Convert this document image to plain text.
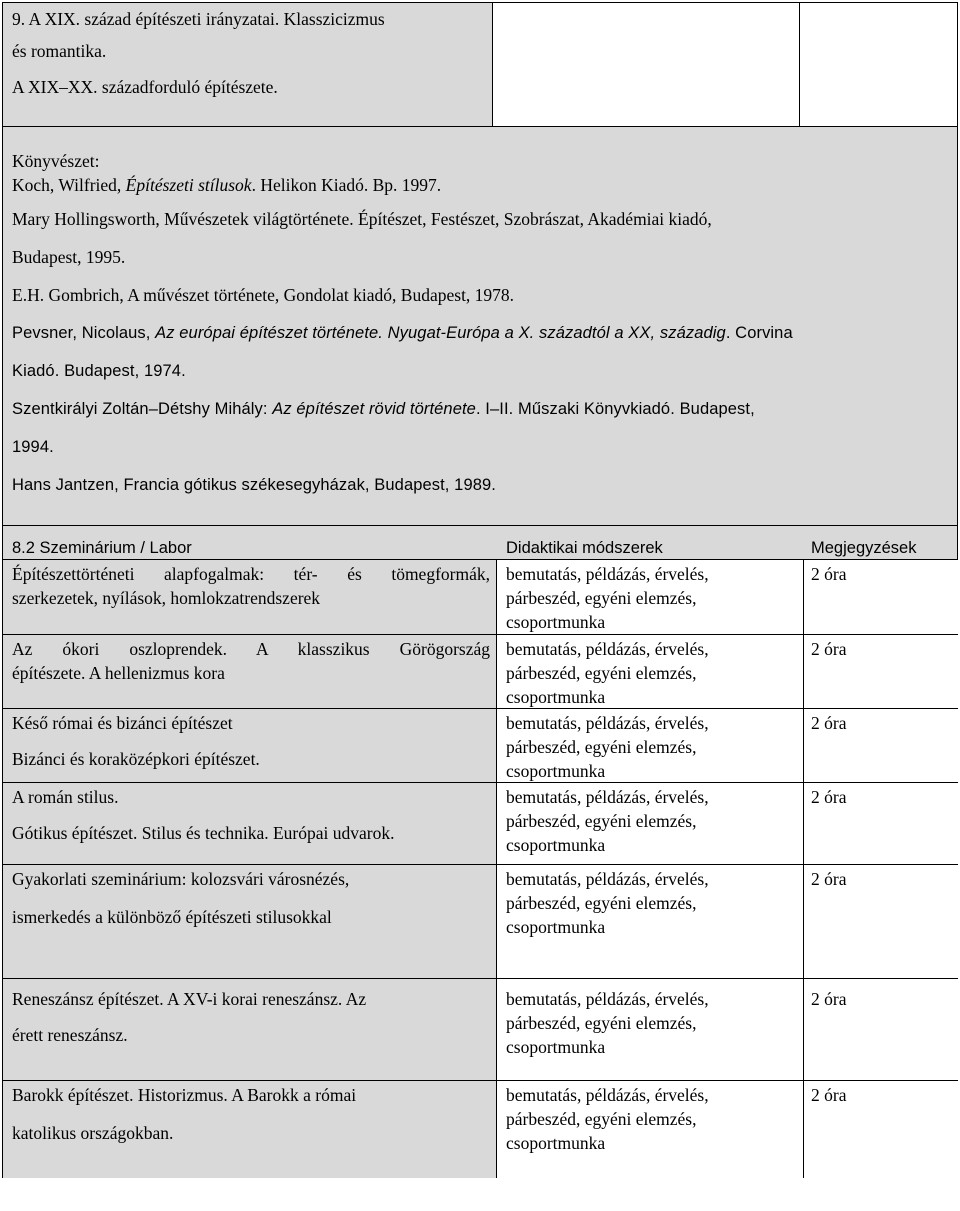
9. A XIX. század építészeti irányzatai. Klasszicizmus
és romantika.
A XIX–XX. századforduló építészete.
Könyvészet:
Koch, Wilfried, Építészeti stílusok. Helikon Kiadó. Bp. 1997.
Mary Hollingsworth, Művészetek világtörténete. Építészet, Festészet, Szobrászat, Akadémiai kiadó,
Budapest, 1995.
E.H. Gombrich, A művészet története, Gondolat kiadó, Budapest, 1978.
Pevsner, Nicolaus, Az európai építészet története. Nyugat-Európa a X. századtól a XX, századig. Corvina
Kiadó. Budapest, 1974.
Szentkirályi Zoltán–Détshy Mihály: Az építészet rövid története. I–II. Műszaki Könyvkiadó. Budapest,
1994.
Hans Jantzen, Francia gótikus székesegyházak, Budapest, 1989.
8.2 Szeminárium / Labor	Didaktikai módszerek	Megjegyzések
Építészettörténeti alapfogalmak: tér- és tömegformák,
szerkezetek, nyílások, homlokzatrendszerek
bemutatás, példázás, érvelés,
párbeszéd, egyéni elemzés,
csoportmunka
2 óra
Az ókori oszloprendek. A klasszikus Görögország
építészete. A hellenizmus kora
bemutatás, példázás, érvelés,
párbeszéd, egyéni elemzés,
csoportmunka
2 óra
Késő római és bizánci építészet
Bizánci és koraközépkori építészet.
bemutatás, példázás, érvelés,
párbeszéd, egyéni elemzés,
csoportmunka
2 óra
A román stilus.
Gótikus építészet. Stilus és technika. Európai udvarok.
bemutatás, példázás, érvelés,
párbeszéd, egyéni elemzés,
csoportmunka
2 óra
Gyakorlati szeminárium: kolozsvári városnézés,
ismerkedés a különböző építészeti stilusokkal
bemutatás, példázás, érvelés,
párbeszéd, egyéni elemzés,
csoportmunka
2 óra
Reneszánsz építészet. A XV-i korai reneszánsz. Az
érett reneszánsz.
bemutatás, példázás, érvelés,
párbeszéd, egyéni elemzés,
csoportmunka
2 óra
Barokk építészet. Historizmus. A Barokk a római
katolikus országokban.
bemutatás, példázás, érvelés,
párbeszéd, egyéni elemzés,
csoportmunka
2 óra
